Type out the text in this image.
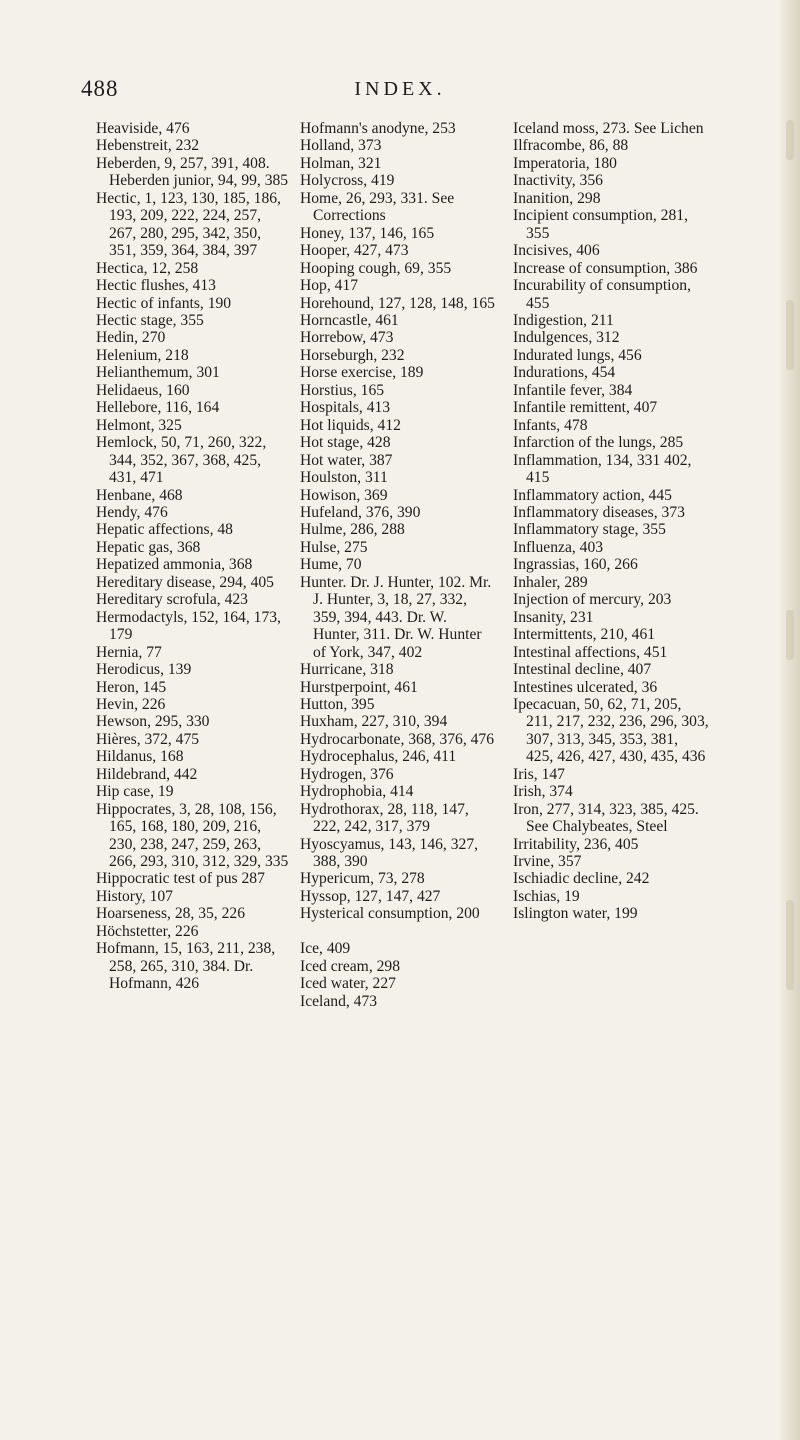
488	INDEX.
Heaviside, 476
Hebenstreit, 232
Heberden, 9, 257, 391, 408. Heberden junior, 94, 99, 385
Hectic, 1, 123, 130, 185, 186, 193, 209, 222, 224, 257, 267, 280, 295, 342, 350, 351, 359, 364, 384, 397
Hectica, 12, 258
Hectic flushes, 413
Hectic of infants, 190
Hectic stage, 355
Hedin, 270
Helenium, 218
Helianthemum, 301
Helidaeus, 160
Hellebore, 116, 164
Helmont, 325
Hemlock, 50, 71, 260, 322, 344, 352, 367, 368, 425, 431, 471
Henbane, 468
Hendy, 476
Hepatic affections, 48
Hepatic gas, 368
Hepatized ammonia, 368
Hereditary disease, 294, 405
Hereditary scrofula, 423
Hermodactyls, 152, 164, 173, 179
Hernia, 77
Herodicus, 139
Heron, 145
Hevin, 226
Hewson, 295, 330
Hières, 372, 475
Hildanus, 168
Hildebrand, 442
Hip case, 19
Hippocrates, 3, 28, 108, 156, 165, 168, 180, 209, 216, 230, 238, 247, 259, 263, 266, 293, 310, 312, 329, 335
Hippocratic test of pus 287
History, 107
Hoarseness, 28, 35, 226
Höchstetter, 226
Hofmann, 15, 163, 211, 238, 258, 265, 310, 384. Dr. Hofmann, 426
Hofmann's anodyne, 253
Holland, 373
Holman, 321
Holycross, 419
Home, 26, 293, 331. See Corrections
Honey, 137, 146, 165
Hooper, 427, 473
Hooping cough, 69, 355
Hop, 417
Horehound, 127, 128, 148, 165
Horncastle, 461
Horrebow, 473
Horseburgh, 232
Horse exercise, 189
Horstius, 165
Hospitals, 413
Hot liquids, 412
Hot stage, 428
Hot water, 387
Houlston, 311
Howison, 369
Hufeland, 376, 390
Hulme, 286, 288
Hulse, 275
Hume, 70
Hunter. Dr. J. Hunter, 102. Mr. J. Hunter, 3, 18, 27, 332, 359, 394, 443. Dr. W. Hunter, 311. Dr. W. Hunter of York, 347, 402
Hurricane, 318
Hurstperpoint, 461
Hutton, 395
Huxham, 227, 310, 394
Hydrocarbonate, 368, 376, 476
Hydrocephalus, 246, 411
Hydrogen, 376
Hydrophobia, 414
Hydrothorax, 28, 118, 147, 222, 242, 317, 379
Hyoscyamus, 143, 146, 327, 388, 390
Hypericum, 73, 278
Hyssop, 127, 147, 427
Hysterical consumption, 200
Ice, 409
Iced cream, 298
Iced water, 227
Iceland, 473
Iceland moss, 273. See Lichen
Ilfracombe, 86, 88
Imperatoria, 180
Inactivity, 356
Inanition, 298
Incipient consumption, 281, 355
Incisives, 406
Increase of consumption, 386
Incurability of consumption, 455
Indigestion, 211
Indulgences, 312
Indurated lungs, 456
Indurations, 454
Infantile fever, 384
Infantile remittent, 407
Infants, 478
Infarction of the lungs, 285
Inflammation, 134, 331 402, 415
Inflammatory action, 445
Inflammatory diseases, 373
Inflammatory stage, 355
Influenza, 403
Ingrassias, 160, 266
Inhaler, 289
Injection of mercury, 203
Insanity, 231
Intermittents, 210, 461
Intestinal affections, 451
Intestinal decline, 407
Intestines ulcerated, 36
Ipecacuan, 50, 62, 71, 205, 211, 217, 232, 236, 296, 303, 307, 313, 345, 353, 381, 425, 426, 427, 430, 435, 436
Iris, 147
Irish, 374
Iron, 277, 314, 323, 385, 425. See Chalybeates, Steel
Irritability, 236, 405
Irvine, 357
Ischiadic decline, 242
Ischias, 19
Islington water, 199
